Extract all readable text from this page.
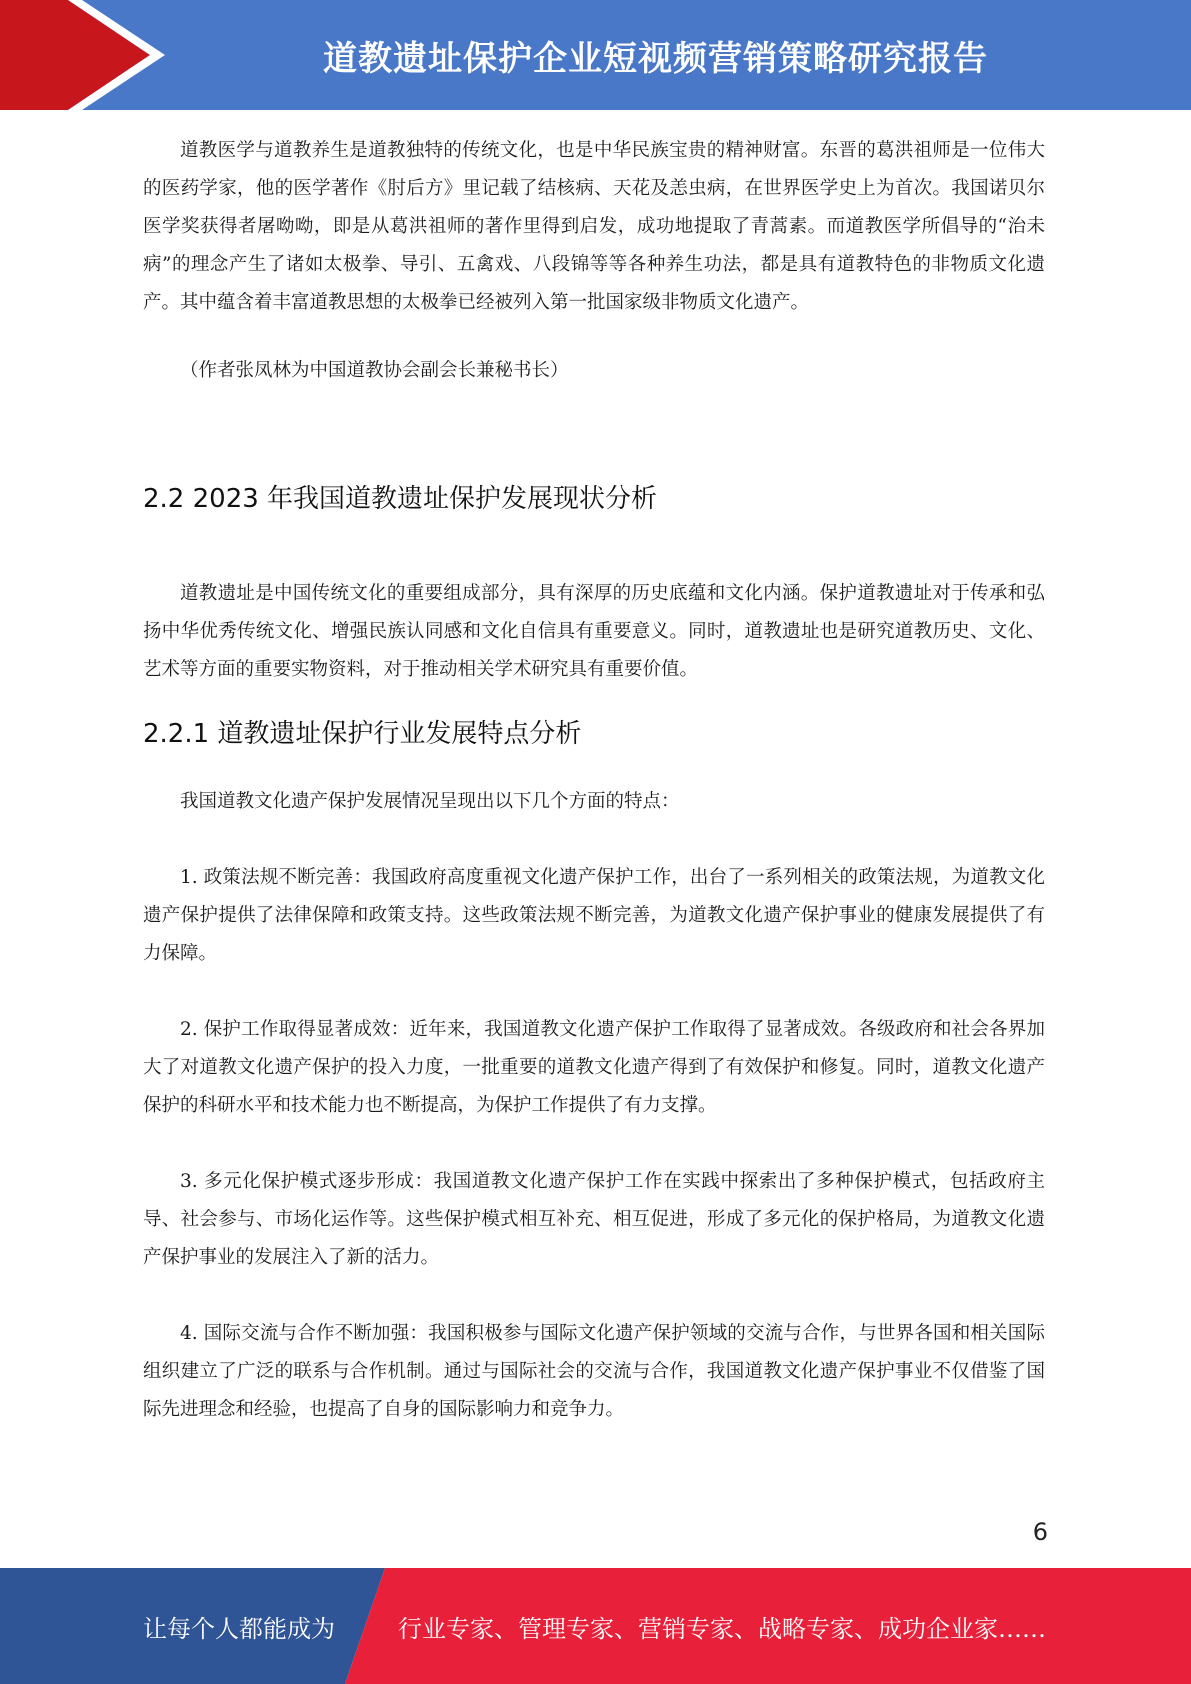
道教遗址保护企业短视频营销策略研究报告

道教医学与道教养生是道教独特的传统文化，也是中华民族宝贵的精神财富。东晋的葛洪祖师是一位伟大的医药学家，他的医学著作《肘后方》里记载了结核病、天花及恙虫病，在世界医学史上为首次。我国诺贝尔医学奖获得者屠呦呦，即是从葛洪祖师的著作里得到启发，成功地提取了青蒿素。而道教医学所倡导的“治未病”的理念产生了诸如太极拳、导引、五禽戏、八段锦等等各种养生功法，都是具有道教特色的非物质文化遗产。其中蕴含着丰富道教思想的太极拳已经被列入第一批国家级非物质文化遗产。

（作者张凤林为中国道教协会副会长兼秘书长）

2.2 2023 年我国道教遗址保护发展现状分析

道教遗址是中国传统文化的重要组成部分，具有深厚的历史底蕴和文化内涵。保护道教遗址对于传承和弘扬中华优秀传统文化、增强民族认同感和文化自信具有重要意义。同时，道教遗址也是研究道教历史、文化、艺术等方面的重要实物资料，对于推动相关学术研究具有重要价值。

2.2.1 道教遗址保护行业发展特点分析

我国道教文化遗产保护发展情况呈现出以下几个方面的特点：

1. 政策法规不断完善：我国政府高度重视文化遗产保护工作，出台了一系列相关的政策法规，为道教文化遗产保护提供了法律保障和政策支持。这些政策法规不断完善，为道教文化遗产保护事业的健康发展提供了有力保障。

2. 保护工作取得显著成效：近年来，我国道教文化遗产保护工作取得了显著成效。各级政府和社会各界加大了对道教文化遗产保护的投入力度，一批重要的道教文化遗产得到了有效保护和修复。同时，道教文化遗产保护的科研水平和技术能力也不断提高，为保护工作提供了有力支撑。

3. 多元化保护模式逐步形成：我国道教文化遗产保护工作在实践中探索出了多种保护模式，包括政府主导、社会参与、市场化运作等。这些保护模式相互补充、相互促进，形成了多元化的保护格局，为道教文化遗产保护事业的发展注入了新的活力。

4. 国际交流与合作不断加强：我国积极参与国际文化遗产保护领域的交流与合作，与世界各国和相关国际组织建立了广泛的联系与合作机制。通过与国际社会的交流与合作，我国道教文化遗产保护事业不仅借鉴了国际先进理念和经验，也提高了自身的国际影响力和竞争力。

6
让每个人都能成为	行业专家、管理专家、营销专家、战略专家、成功企业家……
